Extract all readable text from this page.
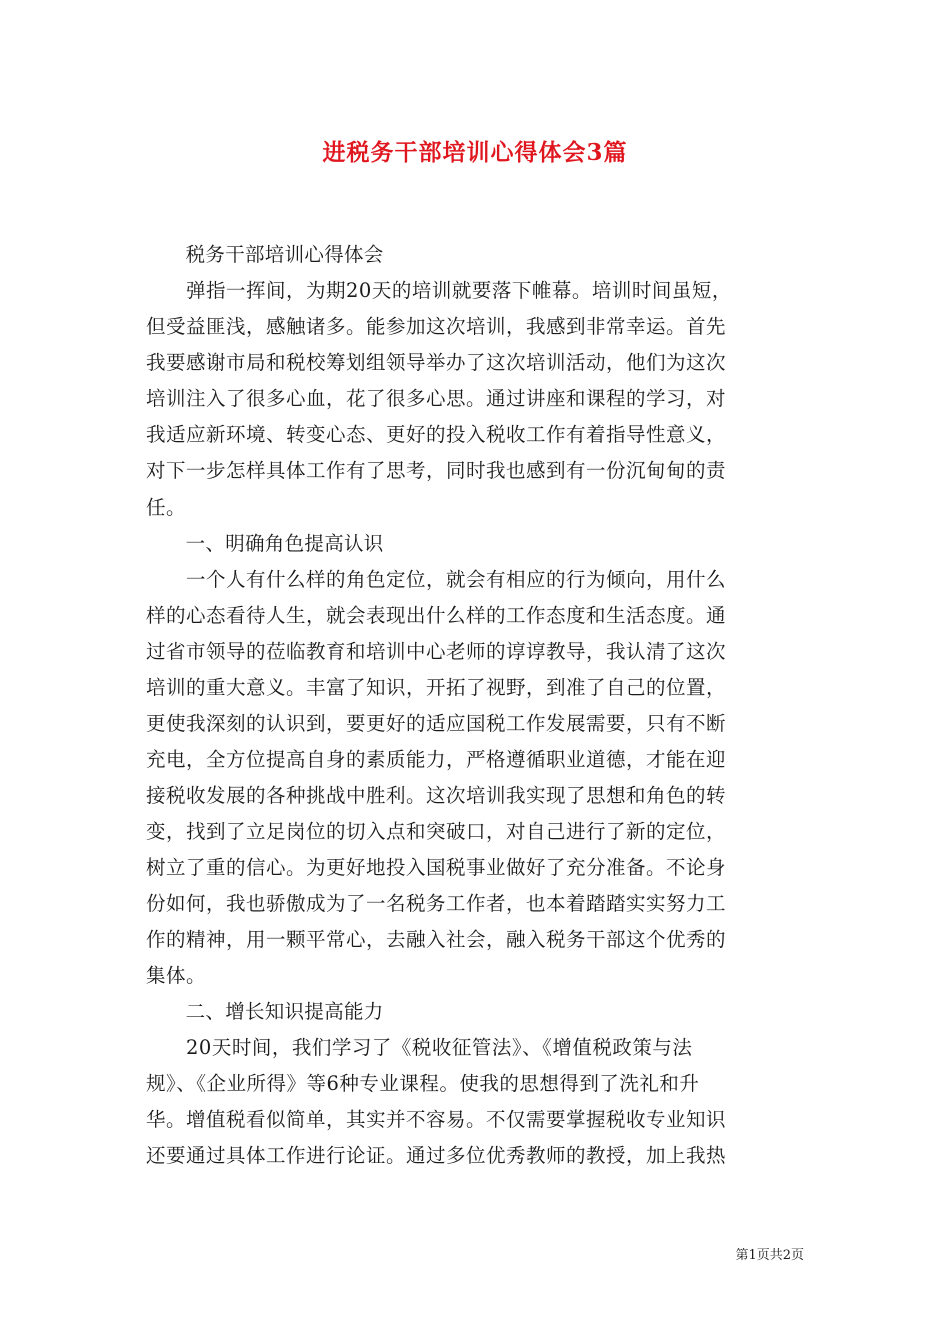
进税务干部培训心得体会3篇
　　税务干部培训心得体会
　　弹指一挥间，为期20天的培训就要落下帷幕。培训时间虽短，
但受益匪浅，感触诸多。能参加这次培训，我感到非常幸运。首先
我要感谢市局和税校筹划组领导举办了这次培训活动，他们为这次
培训注入了很多心血，花了很多心思。通过讲座和课程的学习，对
我适应新环境、转变心态、更好的投入税收工作有着指导性意义，
对下一步怎样具体工作有了思考，同时我也感到有一份沉甸甸的责
任。
　　一、明确角色提高认识
　　一个人有什么样的角色定位，就会有相应的行为倾向，用什么
样的心态看待人生，就会表现出什么样的工作态度和生活态度。通
过省市领导的莅临教育和培训中心老师的谆谆教导，我认清了这次
培训的重大意义。丰富了知识，开拓了视野，到准了自己的位置，
更使我深刻的认识到，要更好的适应国税工作发展需要，只有不断
充电，全方位提高自身的素质能力，严格遵循职业道德，才能在迎
接税收发展的各种挑战中胜利。这次培训我实现了思想和角色的转
变，找到了立足岗位的切入点和突破口，对自己进行了新的定位，
树立了重的信心。为更好地投入国税事业做好了充分准备。不论身
份如何，我也骄傲成为了一名税务工作者，也本着踏踏实实努力工
作的精神，用一颗平常心，去融入社会，融入税务干部这个优秀的
集体。
　　二、增长知识提高能力
　　20天时间，我们学习了《税收征管法》、《增值税政策与法
规》、《企业所得》等6种专业课程。使我的思想得到了洗礼和升
华。增值税看似简单，其实并不容易。不仅需要掌握税收专业知识
还要通过具体工作进行论证。通过多位优秀教师的教授，加上我热
第1页共2页
